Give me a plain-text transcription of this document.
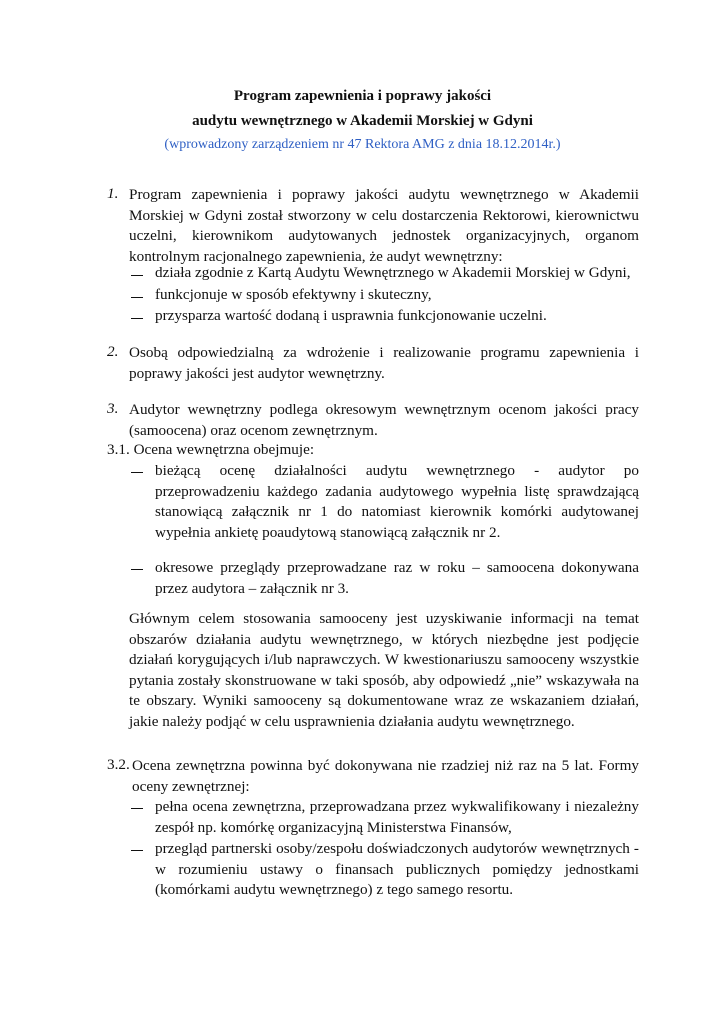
Program zapewnienia i poprawy jakości
audytu wewnętrznego w Akademii Morskiej w Gdyni
(wprowadzony zarządzeniem nr 47 Rektora AMG z dnia 18.12.2014r.)
1. Program zapewnienia i poprawy jakości audytu wewnętrznego w Akademii Morskiej w Gdyni został stworzony w celu dostarczenia Rektorowi, kierownictwu uczelni, kierownikom audytowanych jednostek organizacyjnych, organom kontrolnym racjonalnego zapewnienia, że audyt wewnętrzny:
działa zgodnie z Kartą Audytu Wewnętrznego w Akademii Morskiej w Gdyni,
funkcjonuje w sposób efektywny i skuteczny,
przysparza wartość dodaną i usprawnia funkcjonowanie uczelni.
2. Osobą odpowiedzialną za wdrożenie i realizowanie programu zapewnienia i poprawy jakości jest audytor wewnętrzny.
3. Audytor wewnętrzny podlega okresowym wewnętrznym ocenom jakości pracy (samoocena) oraz ocenom zewnętrznym.
3.1. Ocena wewnętrzna obejmuje:
bieżącą ocenę działalności audytu wewnętrznego - audytor po przeprowadzeniu każdego zadania audytowego wypełnia listę sprawdzającą stanowiącą załącznik nr 1 do natomiast kierownik komórki audytowanej wypełnia ankietę poaudytową stanowiącą załącznik nr 2.
okresowe przeglądy przeprowadzane raz w roku – samoocena dokonywana przez audytora – załącznik nr 3.
Głównym celem stosowania samooceny jest uzyskiwanie informacji na temat obszarów działania audytu wewnętrznego, w których niezbędne jest podjęcie działań korygujących i/lub naprawczych. W kwestionariuszu samooceny wszystkie pytania zostały skonstruowane w taki sposób, aby odpowiedź „nie” wskazywała na te obszary. Wyniki samooceny są dokumentowane wraz ze wskazaniem działań, jakie należy podjąć w celu usprawnienia działania audytu wewnętrznego.
3.2. Ocena zewnętrzna powinna być dokonywana nie rzadziej niż raz na 5 lat. Formy oceny zewnętrznej:
pełna ocena zewnętrzna, przeprowadzana przez wykwalifikowany i niezależny zespół np. komórkę organizacyjną Ministerstwa Finansów,
przegląd partnerski osoby/zespołu doświadczonych audytorów wewnętrznych - w rozumieniu ustawy o finansach publicznych pomiędzy jednostkami (komórkami audytu wewnętrznego) z tego samego resortu.
